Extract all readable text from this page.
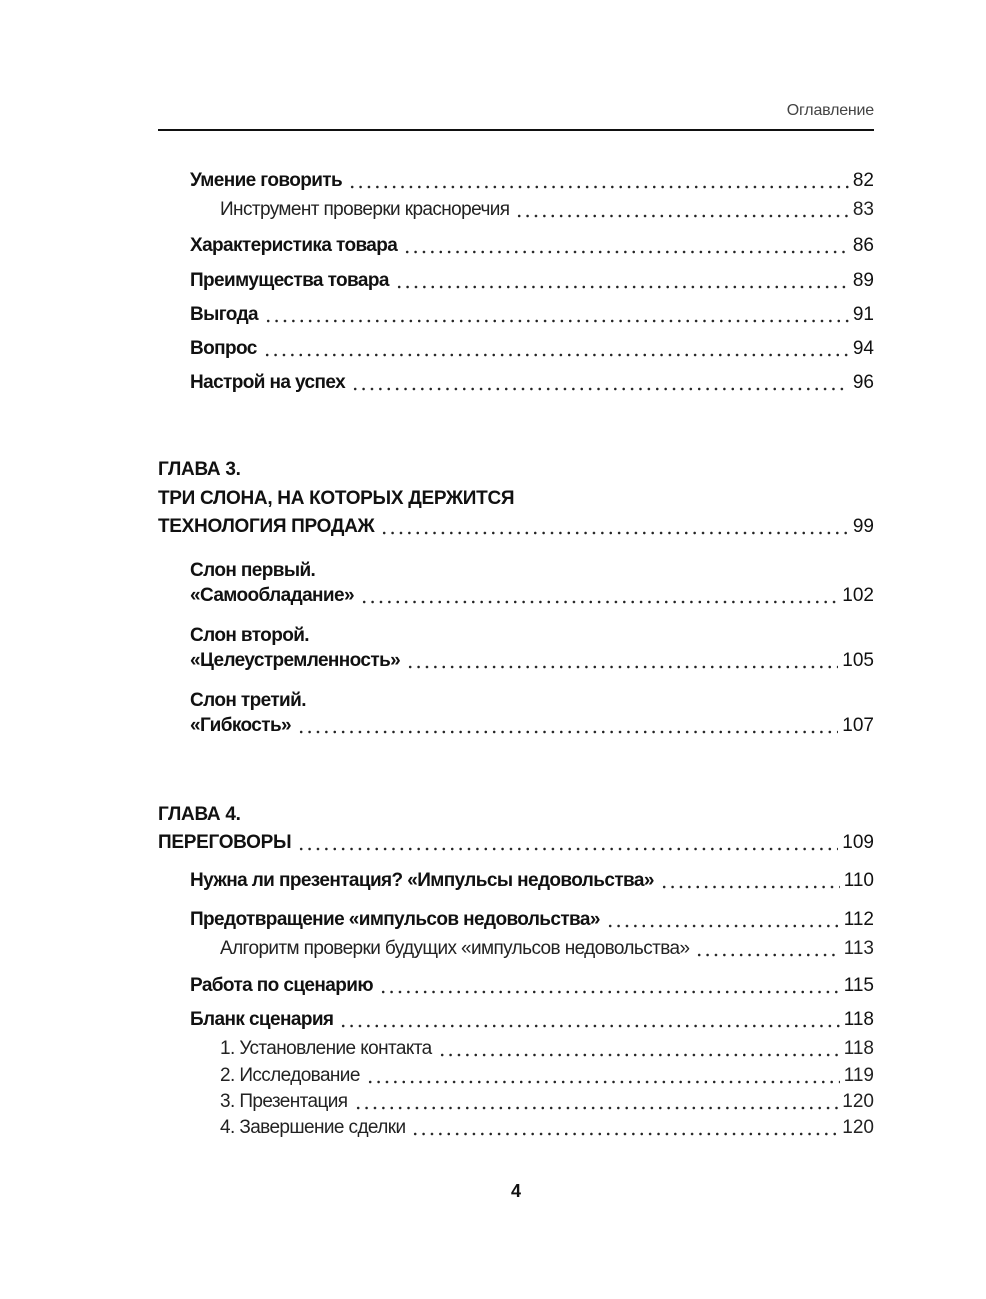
Оглавление
Умение говорить	82
Инструмент проверки красноречия	83
Характеристика товара	86
Преимущества товара	89
Выгода	91
Вопрос	94
Настрой на успех	96
ГЛАВА 3.
ТРИ СЛОНА, НА КОТОРЫХ ДЕРЖИТСЯ
ТЕХНОЛОГИЯ ПРОДАЖ	99
Слон первый.
«Самообладание»	102
Слон второй.
«Целеустремленность»	105
Слон третий.
«Гибкость»	107
ГЛАВА 4.
ПЕРЕГОВОРЫ	109
Нужна ли презентация? «Импульсы недовольства»	110
Предотвращение «импульсов недовольства»	112
Алгоритм проверки будущих «импульсов недовольства»	113
Работа по сценарию	115
Бланк сценария	118
1. Установление контакта	118
2. Исследование	119
3. Презентация	120
4. Завершение сделки	120
4
